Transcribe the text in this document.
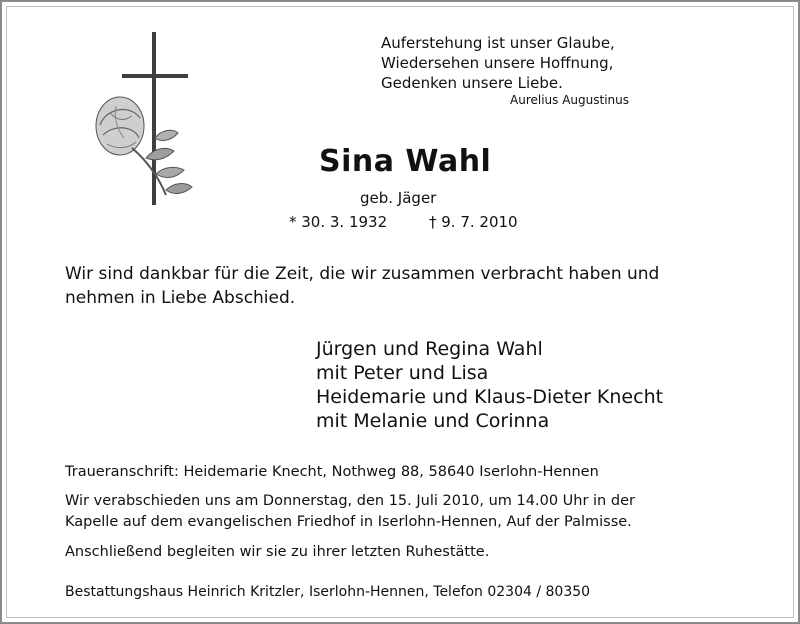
Auferstehung ist unser Glaube,
Wiedersehen unsere Hoffnung,
Gedenken unsere Liebe.
Aurelius Augustinus
Sina Wahl
geb. Jäger
* 30. 3. 1932	† 9. 7. 2010
Wir sind dankbar für die Zeit, die wir zusammen verbracht haben und
nehmen in Liebe Abschied.
Jürgen und Regina Wahl
mit Peter und Lisa
Heidemarie und Klaus-Dieter Knecht
mit Melanie und Corinna
Traueranschrift: Heidemarie Knecht, Nothweg 88, 58640 Iserlohn-Hennen
Wir verabschieden uns am Donnerstag, den 15. Juli 2010, um 14.00 Uhr in der
Kapelle auf dem evangelischen Friedhof in Iserlohn-Hennen, Auf der Palmisse.
Anschließend begleiten wir sie zu ihrer letzten Ruhestätte.
Bestattungshaus Heinrich Kritzler, Iserlohn-Hennen, Telefon 02304 / 80350
